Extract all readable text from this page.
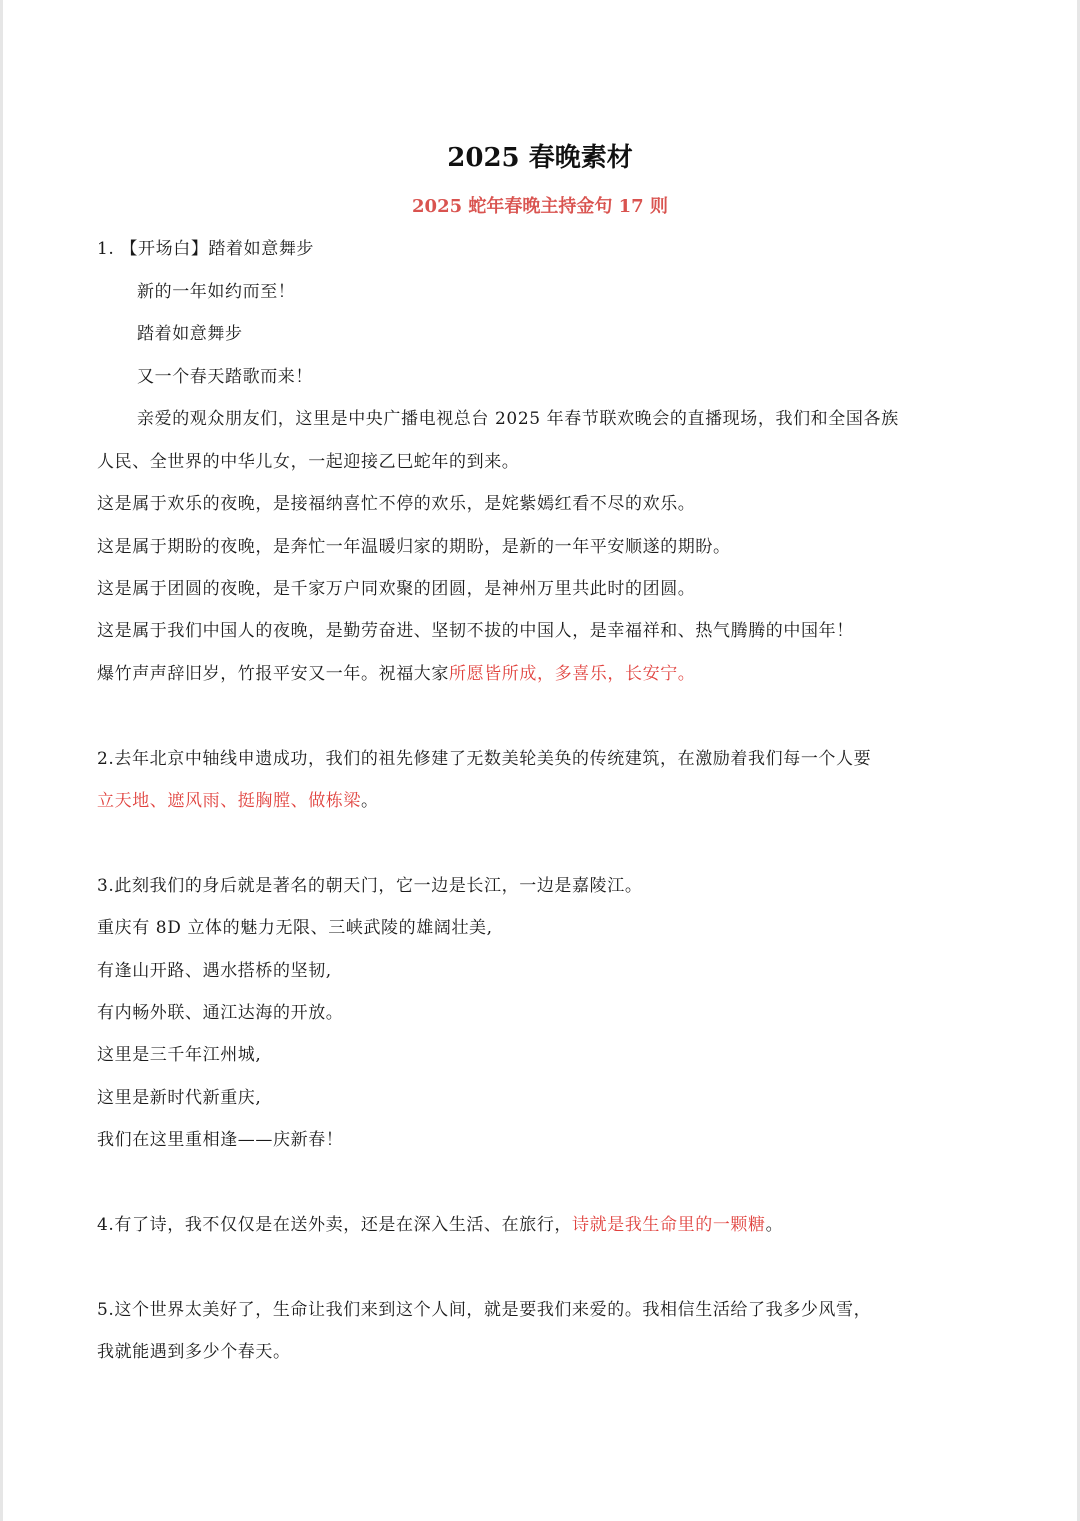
2025 春晚素材
2025 蛇年春晚主持金句 17 则
1. 【开场白】踏着如意舞步
新的一年如约而至！
踏着如意舞步
又一个春天踏歌而来！
亲爱的观众朋友们，这里是中央广播电视总台 2025 年春节联欢晚会的直播现场，我们和全国各族
人民、全世界的中华儿女，一起迎接乙巳蛇年的到来。
这是属于欢乐的夜晚，是接福纳喜忙不停的欢乐，是姹紫嫣红看不尽的欢乐。
这是属于期盼的夜晚，是奔忙一年温暖归家的期盼，是新的一年平安顺遂的期盼。
这是属于团圆的夜晚，是千家万户同欢聚的团圆，是神州万里共此时的团圆。
这是属于我们中国人的夜晚，是勤劳奋进、坚韧不拔的中国人，是幸福祥和、热气腾腾的中国年！
爆竹声声辞旧岁，竹报平安又一年。祝福大家所愿皆所成，多喜乐，长安宁。
2.去年北京中轴线申遗成功，我们的祖先修建了无数美轮美奂的传统建筑，在激励着我们每一个人要
立天地、遮风雨、挺胸膛、做栋梁。
3.此刻我们的身后就是著名的朝天门，它一边是长江，一边是嘉陵江。
重庆有 8D 立体的魅力无限、三峡武陵的雄阔壮美,
有逢山开路、遇水搭桥的坚韧,
有内畅外联、通江达海的开放。
这里是三千年江州城,
这里是新时代新重庆,
我们在这里重相逢——庆新春！
4.有了诗，我不仅仅是在送外卖，还是在深入生活、在旅行，诗就是我生命里的一颗糖。
5.这个世界太美好了，生命让我们来到这个人间，就是要我们来爱的。我相信生活给了我多少风雪，
我就能遇到多少个春天。
